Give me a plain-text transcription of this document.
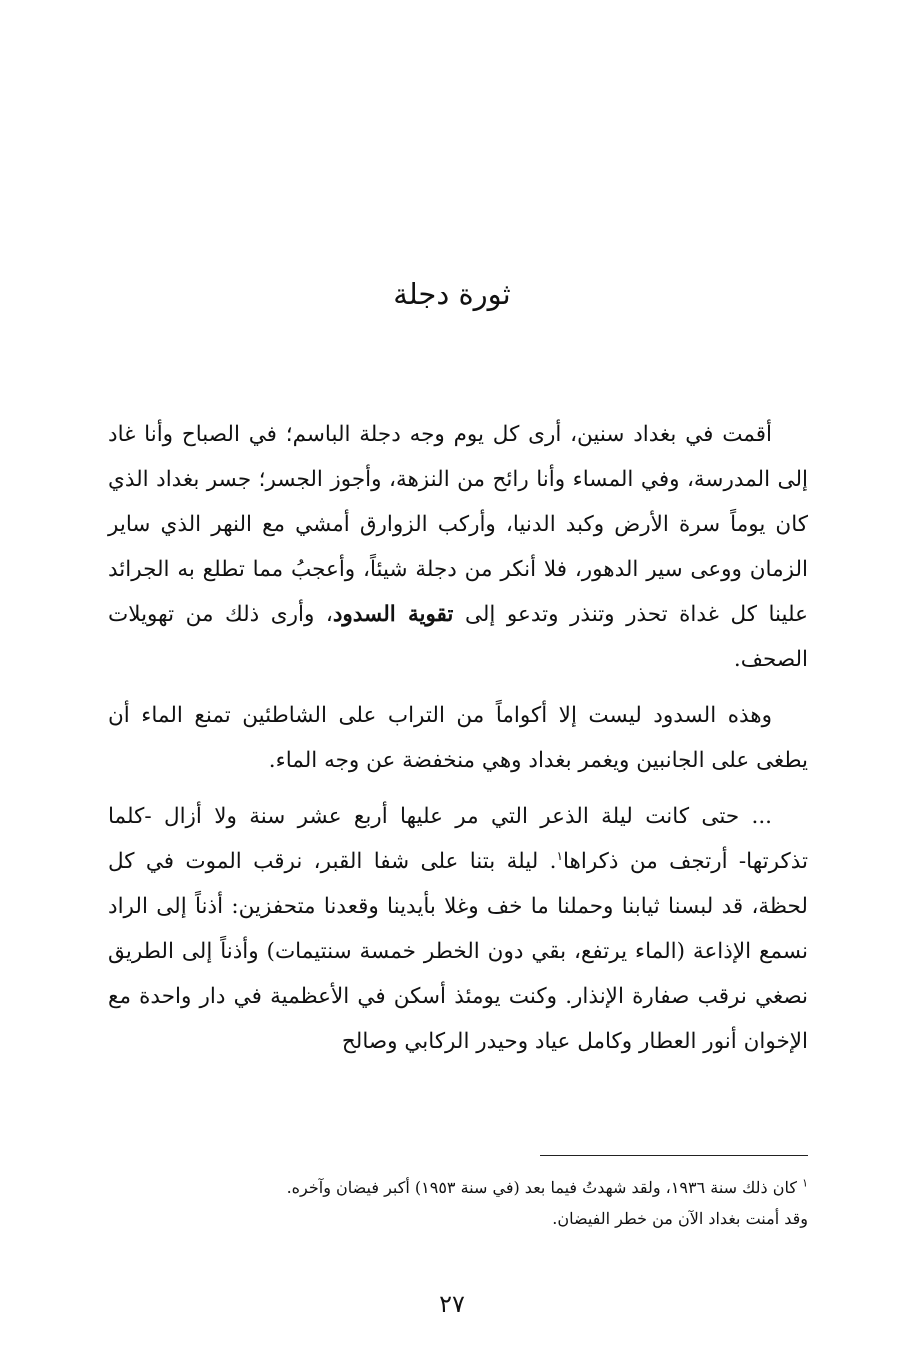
ثورة دجلة

أقمت في بغداد سنين، أرى كل يوم وجه دجلة الباسم؛ في الصباح وأنا غاد إلى المدرسة، وفي المساء وأنا رائح من النزهة، وأجوز الجسر؛ جسر بغداد الذي كان يوماً سرة الأرض وكبد الدنيا، وأركب الزوارق أمشي مع النهر الذي ساير الزمان ووعى سير الدهور، فلا أنكر من دجلة شيئاً، وأعجبُ مما تطلع به الجرائد علينا كل غداة تحذر وتنذر وتدعو إلى تقوية السدود، وأرى ذلك من تهويلات الصحف.

وهذه السدود ليست إلا أكواماً من التراب على الشاطئين تمنع الماء أن يطغى على الجانبين ويغمر بغداد وهي منخفضة عن وجه الماء.

... حتى كانت ليلة الذعر التي مر عليها أربع عشر سنة ولا أزال -كلما تذكرتها- أرتجف من ذكراها$^١$. ليلة بتنا على شفا القبر، نرقب الموت في كل لحظة، قد لبسنا ثيابنا وحملنا ما خف وغلا بأيدينا وقعدنا متحفزين: أذناً إلى الراد نسمع الإذاعة (الماء يرتفع، بقي دون الخطر خمسة سنتيمات) وأذناً إلى الطريق نصغي نرقب صفارة الإنذار. وكنت يومئذ أسكن في الأعظمية في دار واحدة مع الإخوان أنور العطار وكامل عياد وحيدر الركابي وصالح

$^١$ كان ذلك سنة ١٩٣٦، ولقد شهدتُ فيما بعد (في سنة ١٩٥٣) أكبر فيضان وآخره.

وقد أمنت بغداد الآن من خطر الفيضان.

٢٧
